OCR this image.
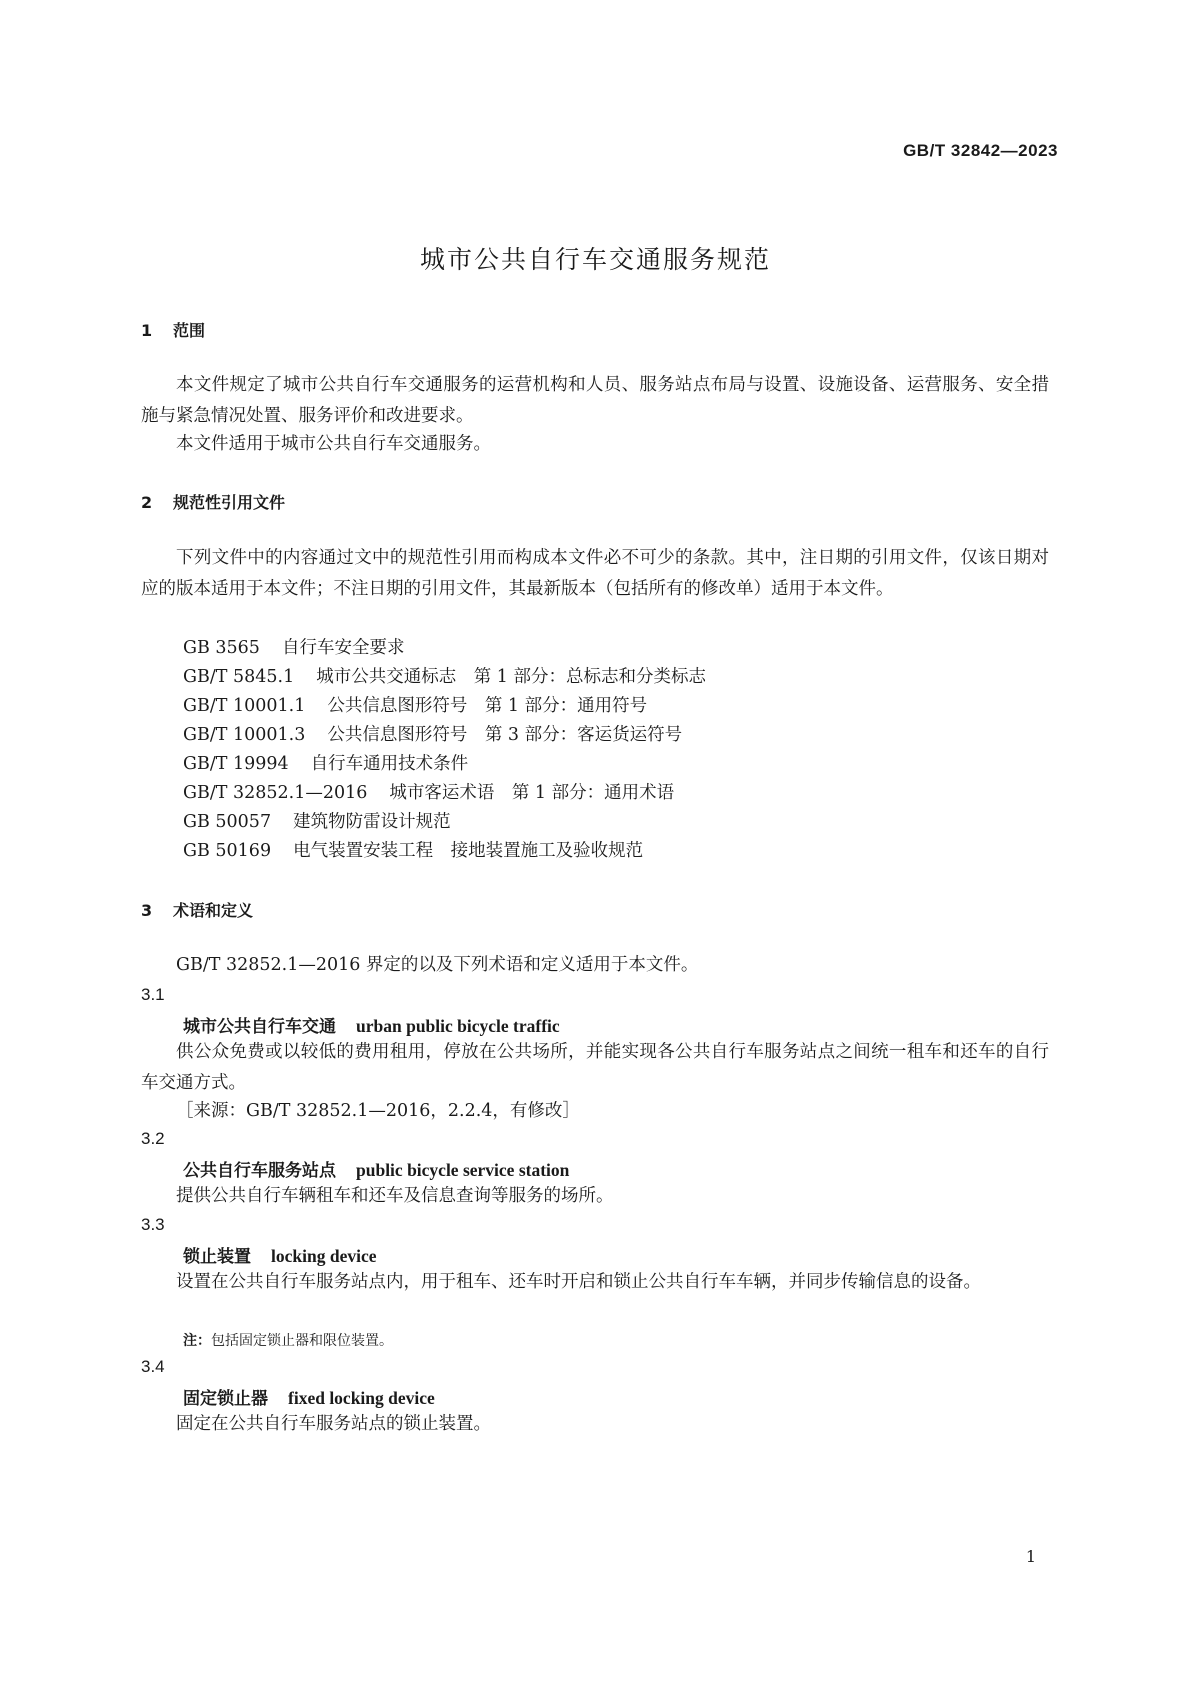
GB/T 32842—2023
城市公共自行车交通服务规范
1 范围
本文件规定了城市公共自行车交通服务的运营机构和人员、服务站点布局与设置、设施设备、运营服务、安全措施与紧急情况处置、服务评价和改进要求。
本文件适用于城市公共自行车交通服务。
2 规范性引用文件
下列文件中的内容通过文中的规范性引用而构成本文件必不可少的条款。其中，注日期的引用文件，仅该日期对应的版本适用于本文件；不注日期的引用文件，其最新版本（包括所有的修改单）适用于本文件。
GB 3565 自行车安全要求
GB/T 5845.1 城市公共交通标志　第 1 部分：总标志和分类标志
GB/T 10001.1 公共信息图形符号　第 1 部分：通用符号
GB/T 10001.3 公共信息图形符号　第 3 部分：客运货运符号
GB/T 19994 自行车通用技术条件
GB/T 32852.1—2016 城市客运术语　第 1 部分：通用术语
GB 50057 建筑物防雷设计规范
GB 50169 电气装置安装工程　接地装置施工及验收规范
3 术语和定义
GB/T 32852.1—2016 界定的以及下列术语和定义适用于本文件。
3.1
城市公共自行车交通 urban public bicycle traffic
供公众免费或以较低的费用租用，停放在公共场所，并能实现各公共自行车服务站点之间统一租车和还车的自行车交通方式。
［来源：GB/T 32852.1—2016，2.2.4，有修改］
3.2
公共自行车服务站点 public bicycle service station
提供公共自行车辆租车和还车及信息查询等服务的场所。
3.3
锁止装置 locking device
设置在公共自行车服务站点内，用于租车、还车时开启和锁止公共自行车车辆，并同步传输信息的设备。
注：包括固定锁止器和限位装置。
3.4
固定锁止器 fixed locking device
固定在公共自行车服务站点的锁止装置。
1
